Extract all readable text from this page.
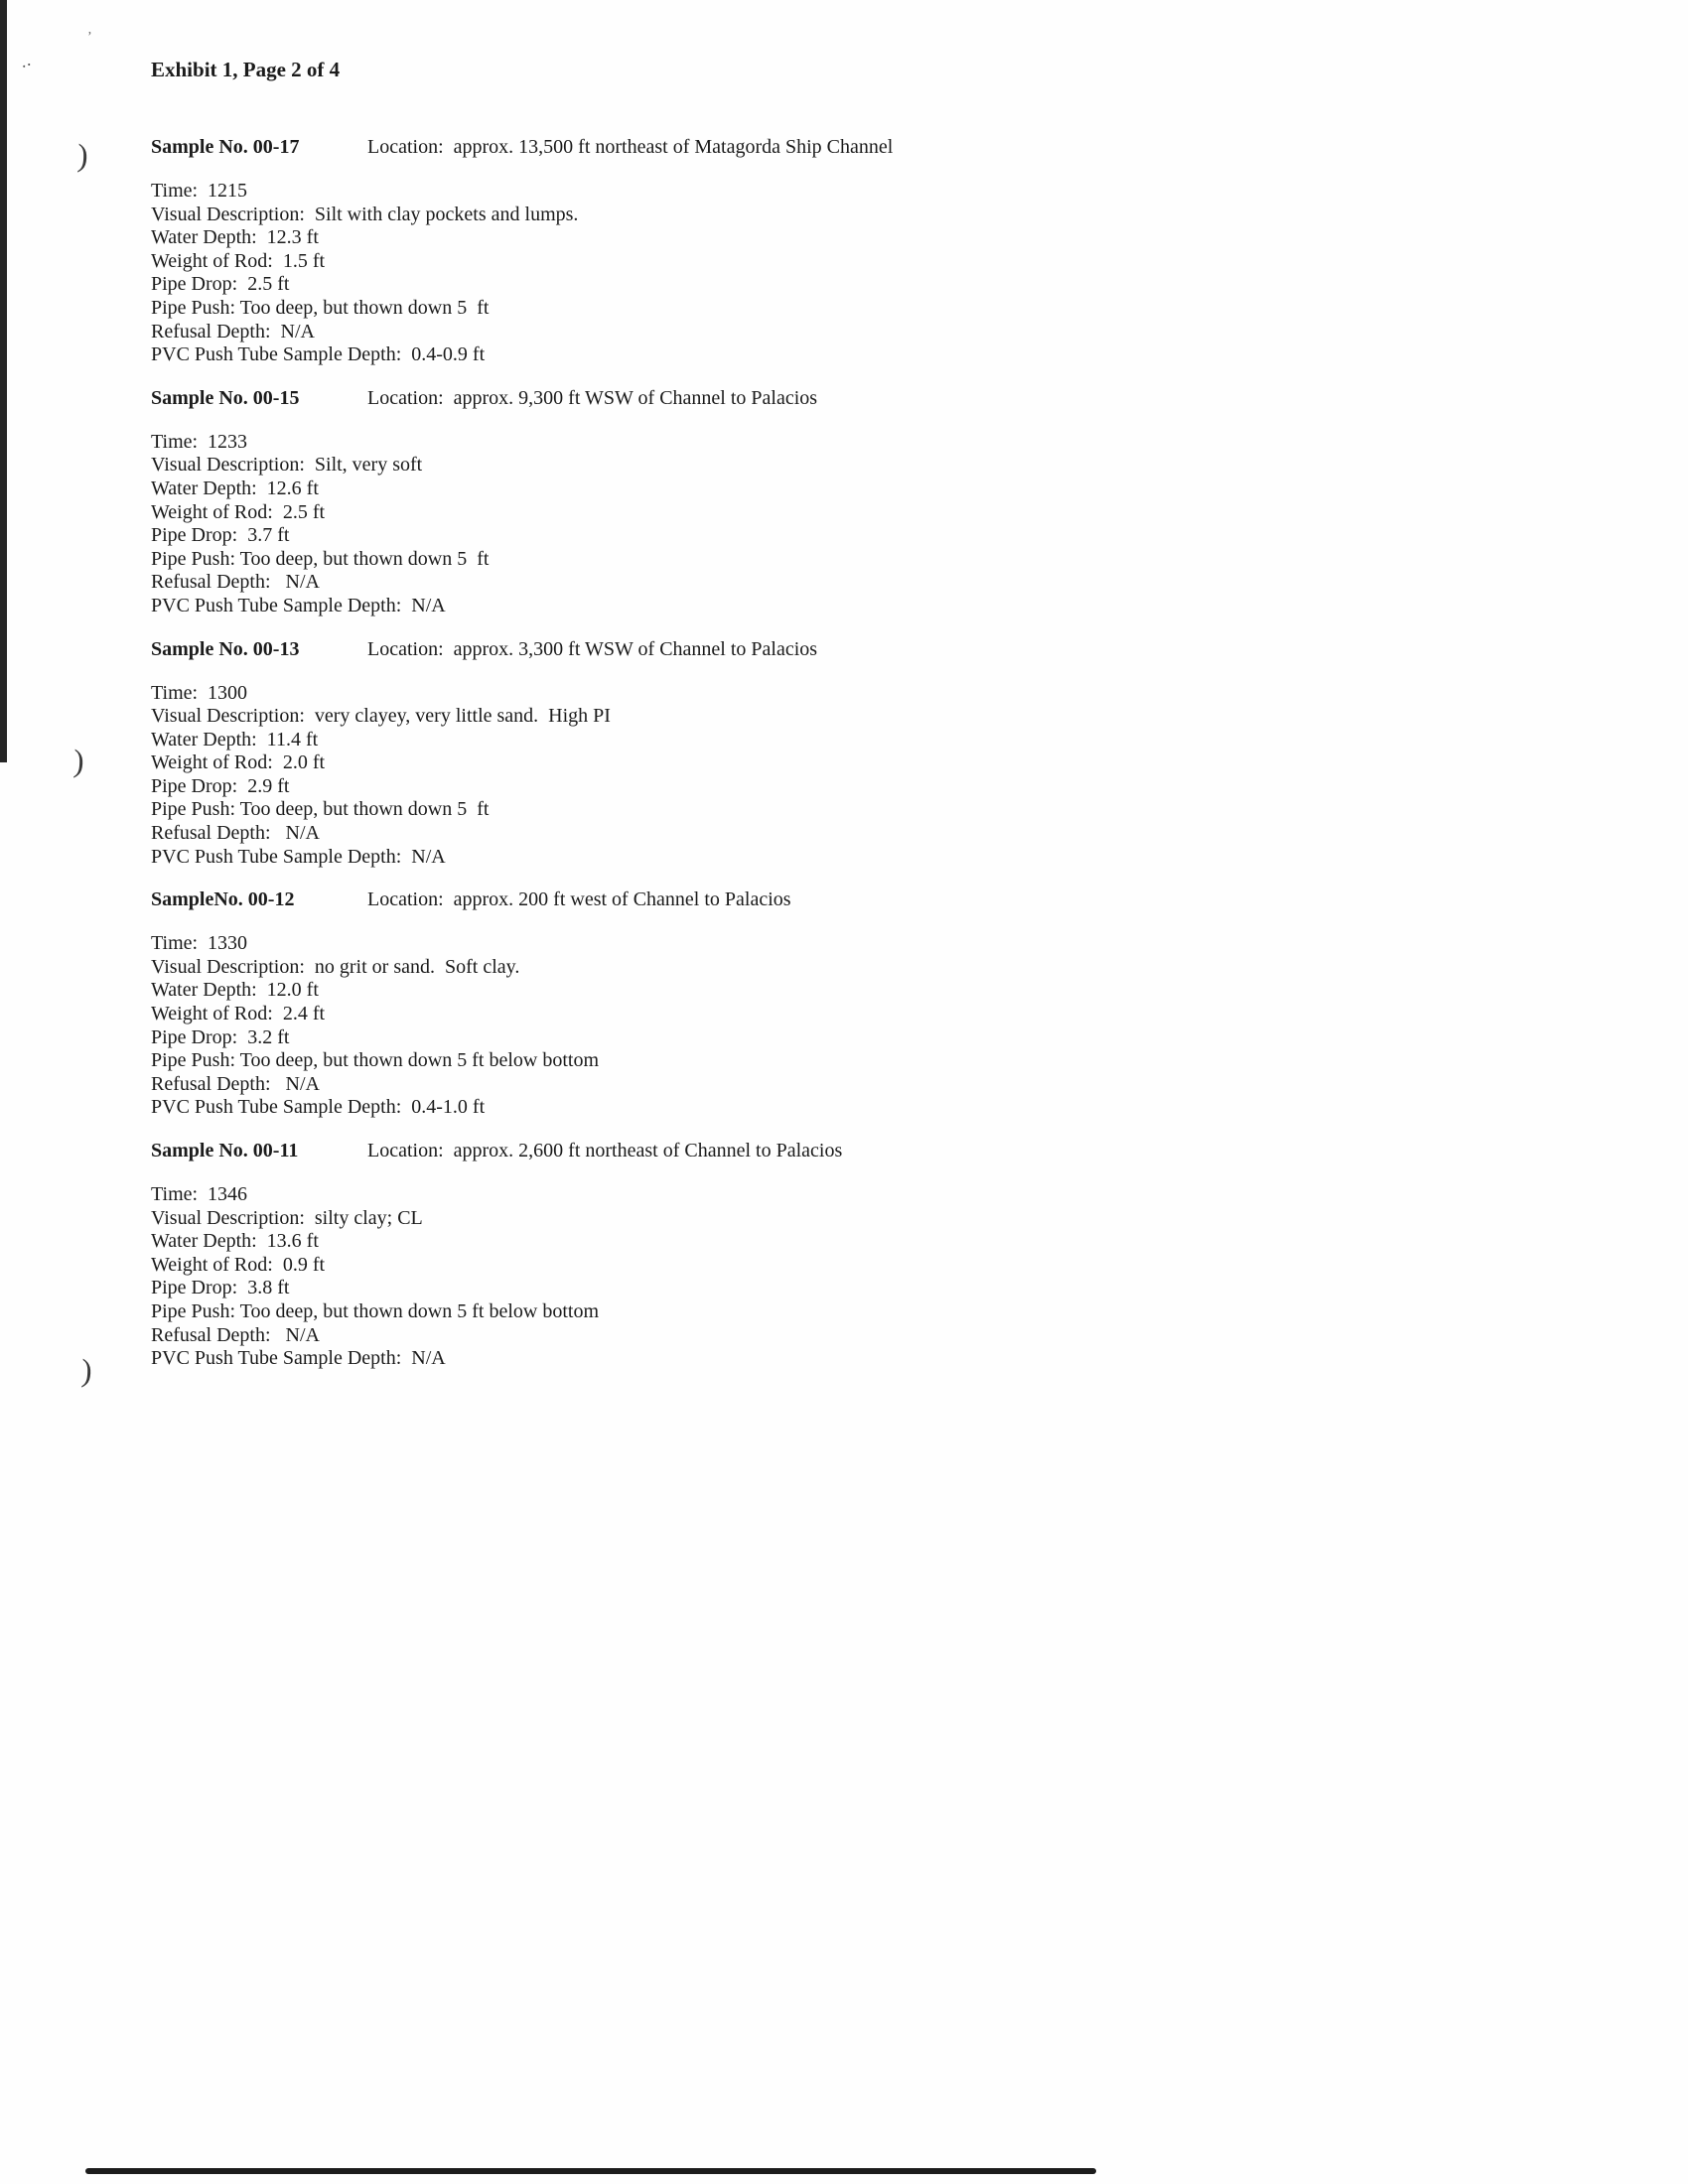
)
)
)
‥
’
Exhibit 1, Page 2 of 4
Sample No. 00-17	Location:  approx. 13,500 ft northeast of Matagorda Ship Channel
Time:  1215
Visual Description:  Silt with clay pockets and lumps.
Water Depth:  12.3 ft
Weight of Rod:  1.5 ft
Pipe Drop:  2.5 ft
Pipe Push: Too deep, but thown down 5  ft
Refusal Depth:  N/A
PVC Push Tube Sample Depth:  0.4-0.9 ft
Sample No. 00-15	Location:  approx. 9,300 ft WSW of Channel to Palacios
Time:  1233
Visual Description:  Silt, very soft
Water Depth:  12.6 ft
Weight of Rod:  2.5 ft
Pipe Drop:  3.7 ft
Pipe Push: Too deep, but thown down 5  ft
Refusal Depth:   N/A
PVC Push Tube Sample Depth:  N/A
Sample No. 00-13	Location:  approx. 3,300 ft WSW of Channel to Palacios
Time:  1300
Visual Description:  very clayey, very little sand.  High PI
Water Depth:  11.4 ft
Weight of Rod:  2.0 ft
Pipe Drop:  2.9 ft
Pipe Push: Too deep, but thown down 5  ft
Refusal Depth:   N/A
PVC Push Tube Sample Depth:  N/A
SampleNo. 00-12	Location:  approx. 200 ft west of Channel to Palacios
Time:  1330
Visual Description:  no grit or sand.  Soft clay.
Water Depth:  12.0 ft
Weight of Rod:  2.4 ft
Pipe Drop:  3.2 ft
Pipe Push: Too deep, but thown down 5 ft below bottom
Refusal Depth:   N/A
PVC Push Tube Sample Depth:  0.4-1.0 ft
Sample No. 00-11	Location:  approx. 2,600 ft northeast of Channel to Palacios
Time:  1346
Visual Description:  silty clay; CL
Water Depth:  13.6 ft
Weight of Rod:  0.9 ft
Pipe Drop:  3.8 ft
Pipe Push: Too deep, but thown down 5 ft below bottom
Refusal Depth:   N/A
PVC Push Tube Sample Depth:  N/A
